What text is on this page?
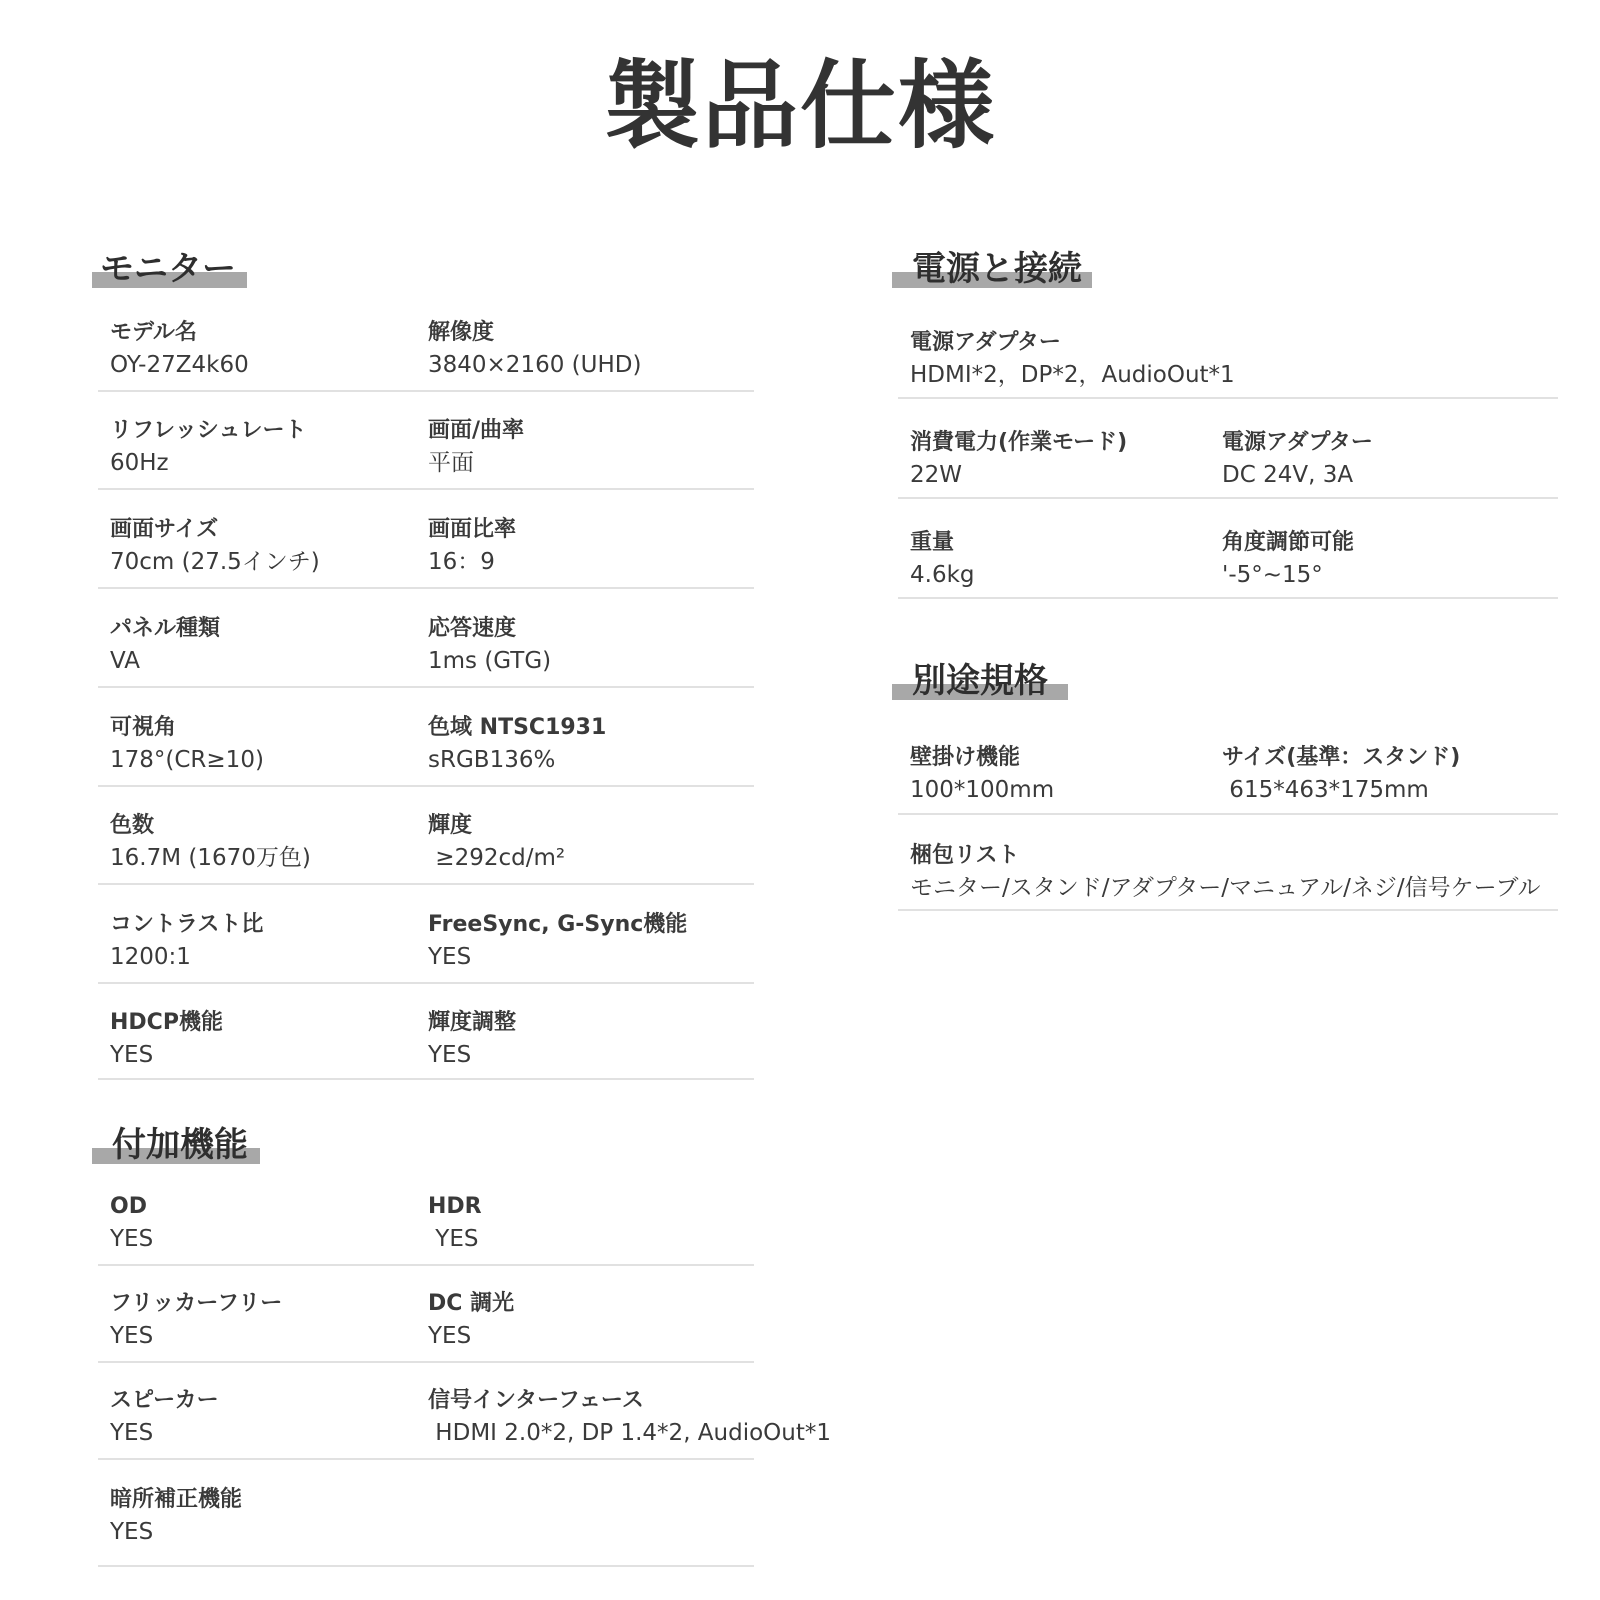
製品仕様
モニター
モデル名
OY-27Z4k60
解像度
3840×2160 (UHD)
リフレッシュレート
60Hz
画面/曲率
平面
画面サイズ
70cm (27.5インチ)
画面比率
16：9
パネル種類
VA
応答速度
1ms (GTG)
可視角
178°(CR≥10)
色域 NTSC1931
sRGB136%
色数
16.7M (1670万色)
輝度
≥292cd/m²
コントラスト比
1200:1
FreeSync, G-Sync機能
YES
HDCP機能
YES
輝度調整
YES
付加機能
OD
YES
HDR
YES
フリッカーフリー
YES
DC 調光
YES
スピーカー
YES
信号インターフェース
HDMI 2.0*2, DP 1.4*2, AudioOut*1
暗所補正機能
YES
電源と接続
電源アダプター
HDMI*2，DP*2，AudioOut*1
消費電力(作業モード)
22W
電源アダプター
DC 24V, 3A
重量
4.6kg
角度調節可能
'-5°~15°
別途規格
壁掛け機能
100*100mm
サイズ(基準：スタンド)
615*463*175mm
梱包リスト
モニター/スタンド/アダプター/マニュアル/ネジ/信号ケーブル
